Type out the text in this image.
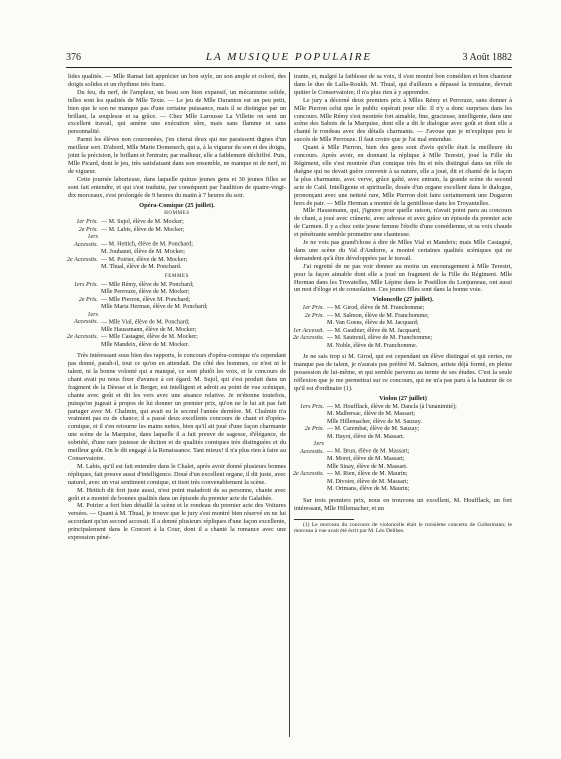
376	LA MUSIQUE POPULAIRE	3 Août 1882

lides qualités. — Mlle Ramat fait apprécier un bon style, un son ample et coloré, des doigts solides et un rhythme très franc.

Du feu, du nerf, de l'ampleur, un beau son bien expansif, un mécanisme solide, telles sont les qualités de Mlle Texte. — Le jeu de Mlle Duranton est un peu petit, bien que le son ne manque pas d'une certaine puissance, mais il se distingue par un brillant, la souplesse et sa grâce. — Chez Mlle Larousse La Villette on sent un excellent travail, qui amène une exécution sûre, mais sans flamme et sans personnalité.

Parmi les élèves non couronnées, j'en citerai deux qui me paraissent dignes d'un meilleur sort. D'abord, Mlle Marie Domenech, qui a, à la vigueur du son et des doigts, joint la précision, le brillant et l'entrain; par malheur, elle a faiblement déchiffré. Puis, Mlle Picard, dont le jeu, très satisfaisant dans son ensemble, ne manque ni de nerf, ni de vigueur.

Cette journée laborieuse, dans laquelle quinze jeunes gens et 30 jeunes filles se sont fait entendre, et qui s'est traduite, par conséquent par l'audition de quatre-vingt-dix morceaux, s'est prolongée de 9 heures du matin à 7 heures du soir.

Opéra-Comique (25 juillet).
HOMMES
1er Prix. — M. Sujol, élève de M. Mocker;
2e Prix. — M. Labis, élève de M. Mocker;
1ers Accessits. — M. Hettich, élève de M. Ponchard;
M. Jouhanet, élève de M. Mocker;
2e Accessits. — M. Poirier, élève de M. Mocker;
M. Thual, élève de M. Ponchard.
FEMMES
1ers Prix. — Mlle Rémy, élève de M. Ponchard;
Mlle Perrouze, élève de M. Mocker;
2e Prix. — Mlle Pierron, élève M. Ponchard;
Mlle Maria Herman, élève de M. Ponchard;
1ers Accessits. — Mlle Vial, élève de M. Ponchard;
Mlle Haussmann, élève de M. Mocker;
2e Accessits. — Mlle Castagné, élève de M. Mocker;
Mlle Mandeix, élève de M. Mocker.

Très intéressant sous bien des rapports, le concours d'opéra-comique n'a cependant pas donné, paraît-il, tout ce qu'on en attendait. Du côté des hommes, ce n'est ni le talent, ni la bonne volonté qui a manqué, ce sont plutôt les voix, et le concours de chant avait pu nous fixer d'avance à cet égard. M. Sujol, qui s'est produit dans un fragment de la Dèesse et le Berger, est intelligent et adroit au point de vue scénique, chante avec goût et dit les vers avec une aisance relative. Je m'étonne toutefois, puisqu'on jugeait à propos de lui donner un premier prix, qu'on ne le lui ait pas fait partager avec M. Chalmin, qui avait eu le second l'année dernière. M. Chalmin n'a vraiment pas eu de chance; il a passé deux excellents concours de chant et d'opéra-comique, et il s'en retourne les mains nettes, bien qu'il ait joué d'une façon charmante une scène de la Marquise, dans laquelle il a fait preuve de sagesse, d'élégance, de sobriété, d'une rare justesse de diction et de qualités comiques très distinguées et du meilleur goût. On le dit engagé à la Renaissance. Tant mieux! il n'a plus rien à faire au Conservatoire.

M. Labis, qu'il est fait entendre dans le Chalet, après avoir donné plusieurs bonnes répliques, fait preuve aussi d'intelligence. Doué d'un excellent organe, il dit juste, avec naturel, avec un vrai sentiment comique, et tient très convenablement la scène.

M. Hettich dit fort juste aussi, n'est point maladroit de sa personne, chante avec goût et a montré de bonnes qualités dans un épisode du premier acte de Galathée.

M. Poirier a fort bien détaillé la scène et le rondeau du premier acte des Voitures versées. — Quant à M. Thual, je trouve que le jury s'est montré bien réservé en ne lui accordant qu'un second accessit. Il a donné plusieurs répliques d'une façon excellente, principalement dans le Concert à la Cour, dont il a chanté la romance avec une expression péné-

trante, et, malgré la faiblesse de sa voix, il s'est montré bon comédien et bon chanteur dans le duo de Lalla-Roukh. M. Thual, qui d'ailleurs a dépassé la trentaine, devrait quitter le Conservatoire; il n'a plus rien à y apprendre.

Le jury a décerné deux premiers prix à Mlles Rémy et Perrouze, sans donner à Mlle Pierron celui que le public espérait pour elle. Il n'y a donc surprises dans les concours. Mlle Rémy s'est montrée fort aimable, fine, gracieuse, intelligente, dans une scène des Sabots de la Marquise, dont elle a dit le dialogue avec goût et dont elle a chanté le rondeau avec des détails charmants. — J'avoue que je m'explique peu le succès de Mlle Perrouze. Il faut croire que je l'ai mal entendue.

Quant à Mlle Pierron, bien des gens sont d'avis qu'elle était la meilleure du concours. Après avoir, en donnant la réplique à Mlle Terestri, joué la Fille du Régiment, elle s'est montrée d'un comique très fin et très distingué dans un rôle de duègne qui ne devait guère convenir à sa nature, elle a joué, dit et chanté de la façon la plus charmante, avec verve, grâce gaîté, avec entrain, la grande scène du second acte de Caïd. Intelligente et spirituelle, douée d'un organe excellent dans le dialogue, prononçant avec une netteté rare, Mlle Pierron doit faire certainement une Dugazon hors de pair. — Mlle Herman a montré de la gentillesse dans les Troyantelles.

Mlle Haussmann, qui, j'ignore pour quelle raison, n'avait point paru au concours de chant, a joué avec crânerie, avec adresse et avec grâce un épisode du premier acte de Carmen. Il y a chez cette jeune femme l'étoffe d'une comédienne, et sa voix chaude et pénétrante semble promettre une chanteuse.

Je ne vois pas grand'chose à dire de Mlles Vial et Mandeix; mais Mlle Castagné, dans une scène du Val d'Andorre, a montré certaines qualités scéniques qui ne demandent qu'à être développées par le travail.

J'ai regretté de ne pas voir donner au moins un encouragement à Mlle Terestri, pour la façon aimable dont elle a joué un fragment de la Fille du Régiment. Mlle Herman dans les Trovatelles, Mlle Lépine dans le Postillon du Lonjumeau, ont aussi un mot d'éloge et de consolation. Ces jeunes filles sont dans la bonne voie.

Violoncelle (27 juillet).
1er Prix. — M. Girod, élève de M. Franchomme;
2e Prix. — M. Salmon, élève de M. Franchomme;
M. Van Goens, élève de M. Jacquard;
1er Accessit. — M. Gauthier, élève de M. Jacquard;
2e Accessits. — M. Sautreuil, élève de M. Franchomme;
M. Noble, élève de M. Franchomme.

Je ne sais trop si M. Girod, qui est cependant un élève distingué et qui certes, ne manque pas de talent, je n'aurais pas préféré M. Salmon, artiste déjà formé, en pleine possession de lui-même, et qui semble parvenu au terme de ses études. C'est la seule réflexion que je me permettrai sur ce concours, qui ne m'a pas paru à la hauteur de ce qu'il est d'ordinaire (1).

Violon (27 juillet)
1ers Prix. — M. Houfflack, élève de M. Dancla (à l'unanimité);
M. Malbersac, élève de M. Massart;
Mlle Hillemacher, élève de M. Sauzay.
2e Prix. — M. Carembat, élève de M. Sauzay;
M. Hayot, élève de M. Massart.
1ers Accessits. — M. Brun, élève de M. Massart;
M. Moret, élève de M. Massart;
Mlle Sinay, élève de M. Massart.
2e Accessits. — M. Rien, élève de M. Maurin;
M. Divoire, élève de M. Massart;
M. Ortmans, élève de M. Maurin;

Sur trois premiers prix, nous en trouvons un excellent, M. Houfflack, un fort intéressant, Mlle Hillemacher, et un

(1) Le morceau du concours de violoncelle était le troisième concerto de Goltermann; le morceau à vue avait été écrit par M. Léo Delibes.
